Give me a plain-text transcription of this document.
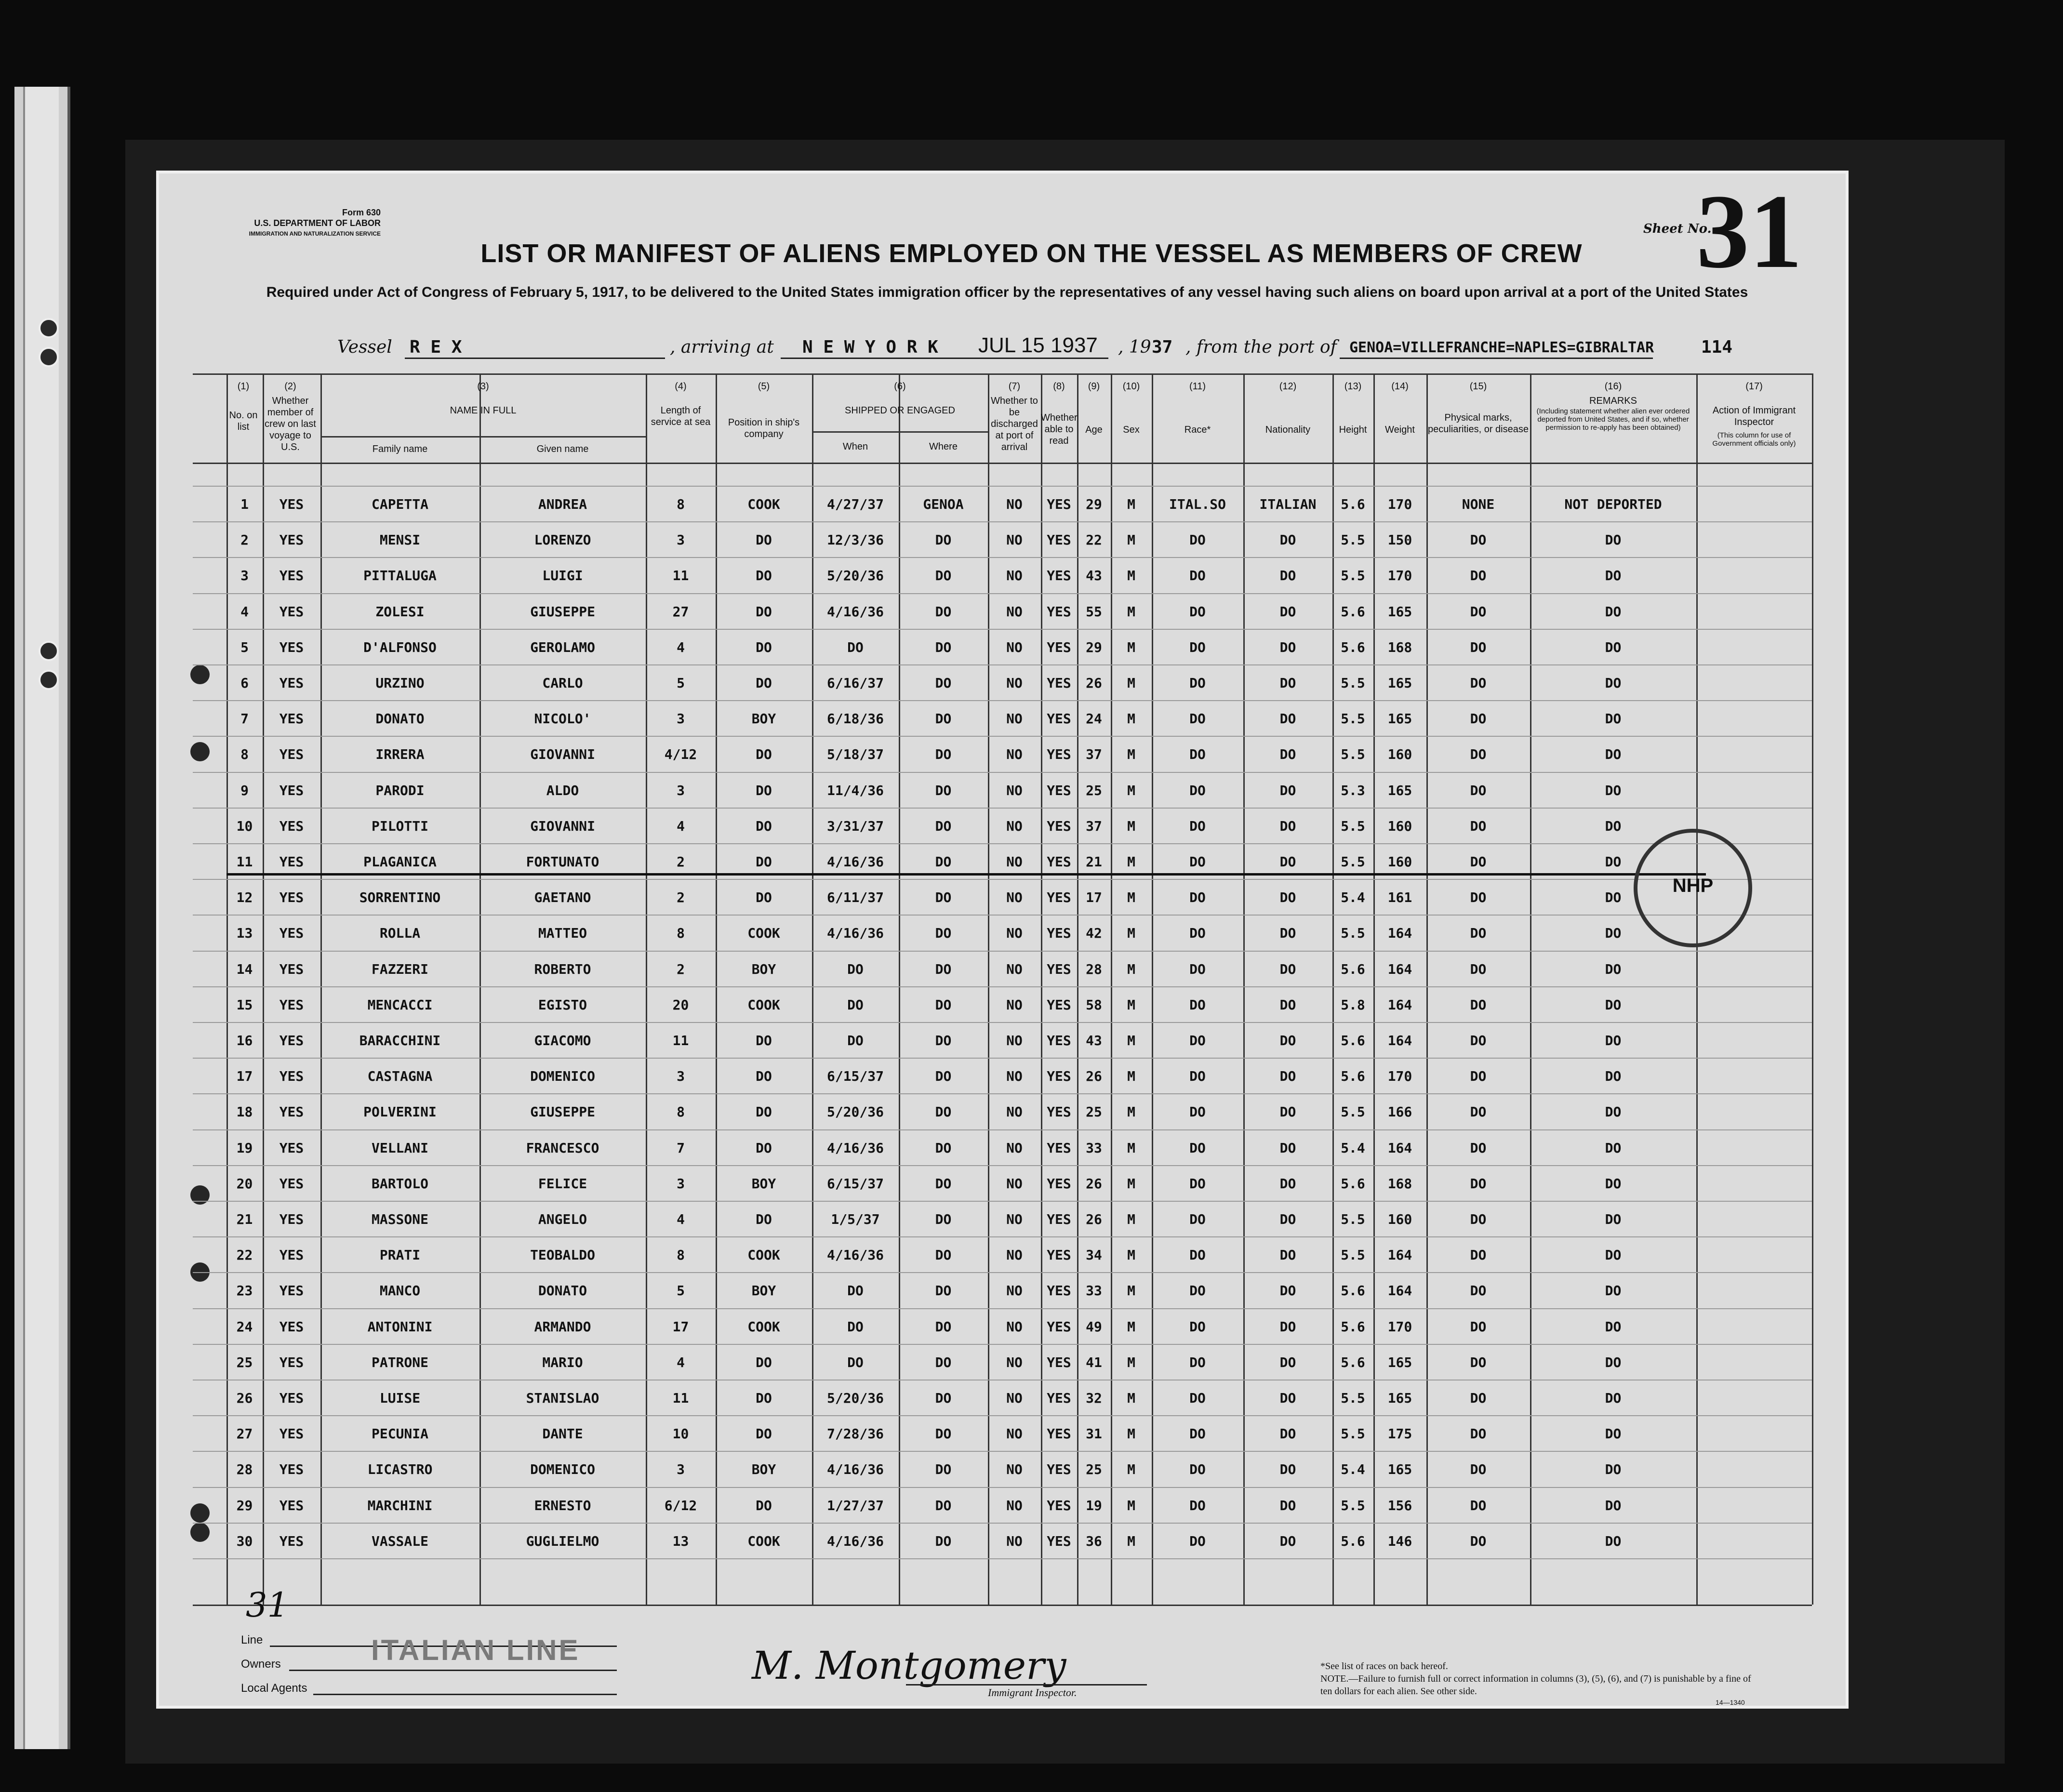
Form 630
U.S. DEPARTMENT OF LABOR
IMMIGRATION AND NATURALIZATION SERVICE
LIST OR MANIFEST OF ALIENS EMPLOYED ON THE VESSEL AS MEMBERS OF CREW
Required under Act of Congress of February 5, 1917, to be delivered to the United States immigration officer by the representatives of any vessel having such aliens on board upon arrival at a port of the United States
Sheet No.
31
Vessel R E X	, arriving at N E W Y O R K JUL 15 1937 , 19 37 , from the port of GENOA=VILLEFRANCHE=NAPLES=GIBRALTAR	114
(1)
No. on list
(2)
Whether member of crew on last voyage to U.S.
(3)
NAME IN FULL
Family name	Given name
(4)
Length of service at sea
(5)
Position in ship's company
(6)
SHIPPED OR ENGAGED
When	Where
(7)
Whether to be discharged at port of arrival
(8)
Whether able to read
(9)
Age
(10)
Sex
(11)
Race*
(12)
Nationality
(13)
Height
(14)
Weight
(15)
Physical marks, peculiarities, or disease
(16)
REMARKS
(Including statement whether alien ever ordered deported from United States, and if so, whether permission to re-apply has been obtained)
(17)
Action of Immigrant Inspector
(This column for use of Government officials only)
1	YES	CAPETTA	ANDREA	8	COOK	4/27/37	GENOA	NO	YES	29	M	ITAL.SO	ITALIAN	5.6	170	NONE	NOT DEPORTED
2	YES	MENSI	LORENZO	3	DO	12/3/36	DO	NO	YES	22	M	DO	DO	5.5	150	DO	DO
3	YES	PITTALUGA	LUIGI	11	DO	5/20/36	DO	NO	YES	43	M	DO	DO	5.5	170	DO	DO
4	YES	ZOLESI	GIUSEPPE	27	DO	4/16/36	DO	NO	YES	55	M	DO	DO	5.6	165	DO	DO
5	YES	D'ALFONSO	GEROLAMO	4	DO	DO	DO	NO	YES	29	M	DO	DO	5.6	168	DO	DO
6	YES	URZINO	CARLO	5	DO	6/16/37	DO	NO	YES	26	M	DO	DO	5.5	165	DO	DO
7	YES	DONATO	NICOLO'	3	BOY	6/18/36	DO	NO	YES	24	M	DO	DO	5.5	165	DO	DO
8	YES	IRRERA	GIOVANNI	4/12	DO	5/18/37	DO	NO	YES	37	M	DO	DO	5.5	160	DO	DO
9	YES	PARODI	ALDO	3	DO	11/4/36	DO	NO	YES	25	M	DO	DO	5.3	165	DO	DO
10	YES	PILOTTI	GIOVANNI	4	DO	3/31/37	DO	NO	YES	37	M	DO	DO	5.5	160	DO	DO
11	YES	PLAGANICA	FORTUNATO	2	DO	4/16/36	DO	NO	YES	21	M	DO	DO	5.5	160	DO	DO
12	YES	SORRENTINO	GAETANO	2	DO	6/11/37	DO	NO	YES	17	M	DO	DO	5.4	161	DO	DO
13	YES	ROLLA	MATTEO	8	COOK	4/16/36	DO	NO	YES	42	M	DO	DO	5.5	164	DO	DO
14	YES	FAZZERI	ROBERTO	2	BOY	DO	DO	NO	YES	28	M	DO	DO	5.6	164	DO	DO
15	YES	MENCACCI	EGISTO	20	COOK	DO	DO	NO	YES	58	M	DO	DO	5.8	164	DO	DO
16	YES	BARACCHINI	GIACOMO	11	DO	DO	DO	NO	YES	43	M	DO	DO	5.6	164	DO	DO
17	YES	CASTAGNA	DOMENICO	3	DO	6/15/37	DO	NO	YES	26	M	DO	DO	5.6	170	DO	DO
18	YES	POLVERINI	GIUSEPPE	8	DO	5/20/36	DO	NO	YES	25	M	DO	DO	5.5	166	DO	DO
19	YES	VELLANI	FRANCESCO	7	DO	4/16/36	DO	NO	YES	33	M	DO	DO	5.4	164	DO	DO
20	YES	BARTOLO	FELICE	3	BOY	6/15/37	DO	NO	YES	26	M	DO	DO	5.6	168	DO	DO
21	YES	MASSONE	ANGELO	4	DO	1/5/37	DO	NO	YES	26	M	DO	DO	5.5	160	DO	DO
22	YES	PRATI	TEOBALDO	8	COOK	4/16/36	DO	NO	YES	34	M	DO	DO	5.5	164	DO	DO
23	YES	MANCO	DONATO	5	BOY	DO	DO	NO	YES	33	M	DO	DO	5.6	164	DO	DO
24	YES	ANTONINI	ARMANDO	17	COOK	DO	DO	NO	YES	49	M	DO	DO	5.6	170	DO	DO
25	YES	PATRONE	MARIO	4	DO	DO	DO	NO	YES	41	M	DO	DO	5.6	165	DO	DO
26	YES	LUISE	STANISLAO	11	DO	5/20/36	DO	NO	YES	32	M	DO	DO	5.5	165	DO	DO
27	YES	PECUNIA	DANTE	10	DO	7/28/36	DO	NO	YES	31	M	DO	DO	5.5	175	DO	DO
28	YES	LICASTRO	DOMENICO	3	BOY	4/16/36	DO	NO	YES	25	M	DO	DO	5.4	165	DO	DO
29	YES	MARCHINI	ERNESTO	6/12	DO	1/27/37	DO	NO	YES	19	M	DO	DO	5.5	156	DO	DO
30	YES	VASSALE	GUGLIELMO	13	COOK	4/16/36	DO	NO	YES	36	M	DO	DO	5.6	146	DO	DO
NHP
31
Line
Owners
Local Agents
ITALIAN LINE	M. Montgomery
Immigrant Inspector.
*See list of races on back hereof.
NOTE.—Failure to furnish full or correct information in columns (3), (5), (6), and (7) is punishable by a fine of ten dollars for each alien. See other side.
14—1340
